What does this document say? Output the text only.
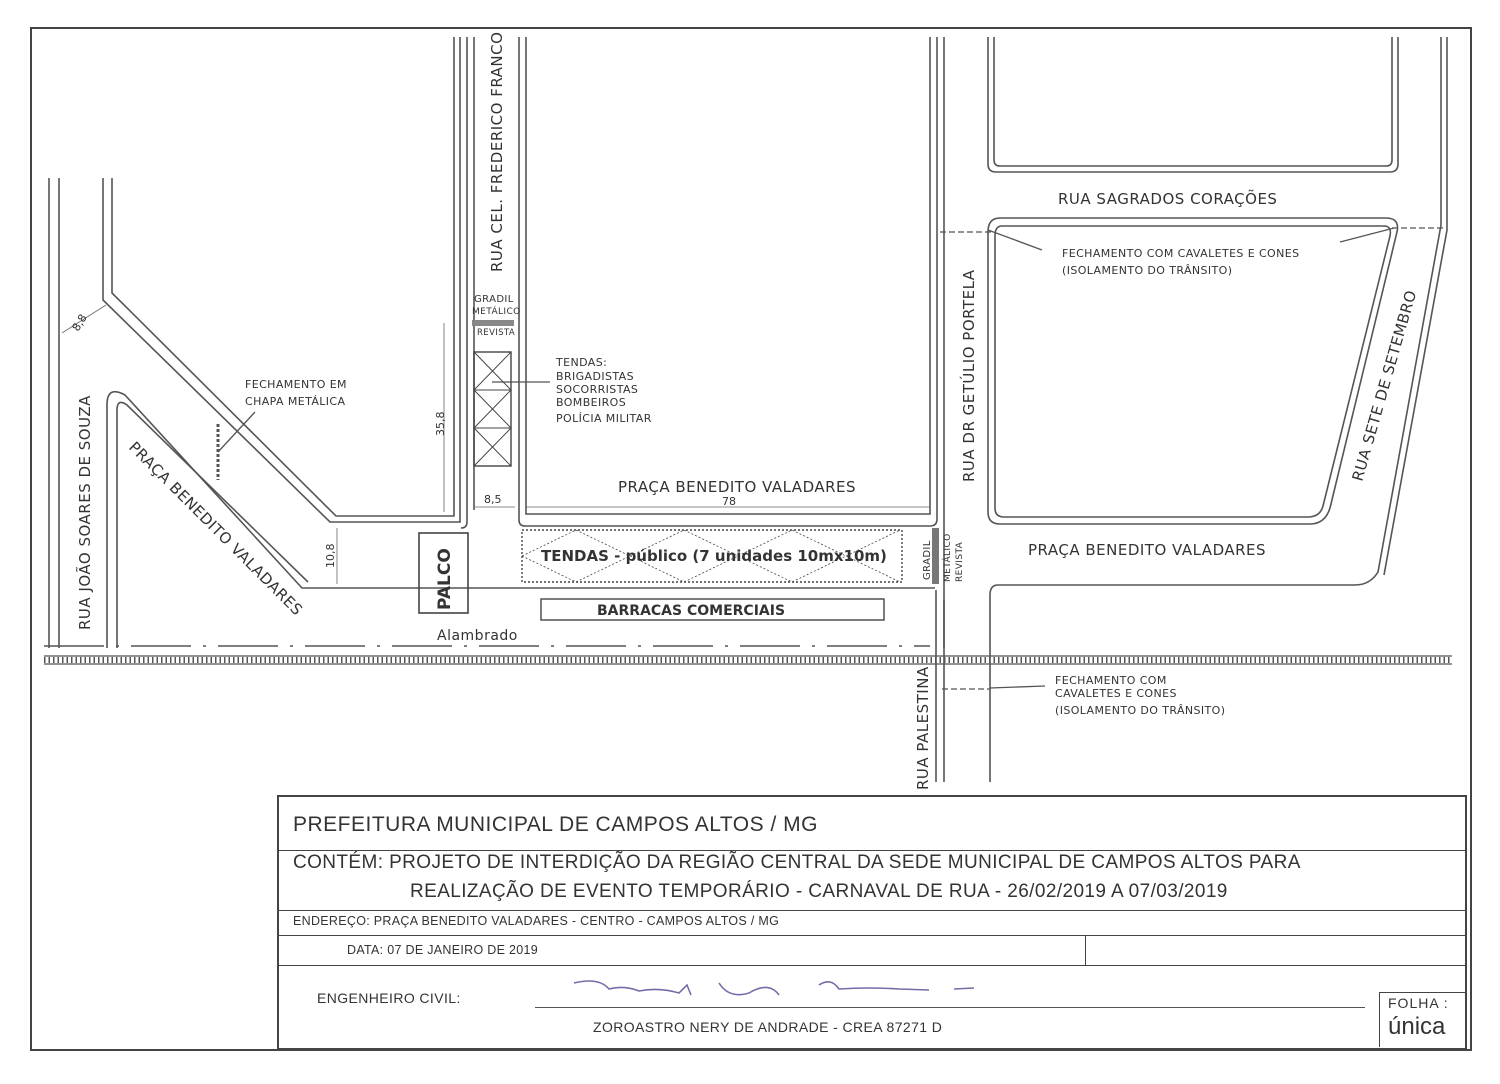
RUA JOÃO SOARES DE SOUZA
RUA CEL. FREDERICO FRANCO	RUA SAGRADOS CORAÇÕES
RUA DR GETÚLIO PORTELA	RUA SETE DE SETEMBRO
RUA PALESTINA
PRAÇA BENEDITO VALADARES	PRAÇA BENEDITO VALADARES
PRAÇA BENEDITO VALADARES
GRADIL
METÁLICO
REVISTA
TENDAS:
BRIGADISTAS
SOCORRISTAS
BOMBEIROS
POLÍCIA MILITAR
FECHAMENTO EM
CHAPA METÁLICA
FECHAMENTO COM CAVALETES E CONES
(ISOLAMENTO DO TRÂNSITO)
FECHAMENTO COM
CAVALETES E CONES
(ISOLAMENTO DO TRÂNSITO)
PALCO	TENDAS - público (7 unidades 10mx10m)
BARRACAS COMERCIAIS
Alambrado
GRADIL METÁLICO REVISTA
8,8
35,8
8,5	78
10,8
PREFEITURA MUNICIPAL DE CAMPOS ALTOS / MG
CONTÉM: PROJETO DE INTERDIÇÃO DA REGIÃO CENTRAL DA SEDE MUNICIPAL DE CAMPOS ALTOS PARA
REALIZAÇÃO DE EVENTO TEMPORÁRIO - CARNAVAL DE RUA - 26/02/2019 A 07/03/2019
ENDEREÇO: PRAÇA BENEDITO VALADARES - CENTRO - CAMPOS ALTOS / MG
DATA: 07 DE JANEIRO DE 2019
ENGENHEIRO CIVIL:
ZOROASTRO NERY DE ANDRADE - CREA 87271 D
FOLHA :
única
